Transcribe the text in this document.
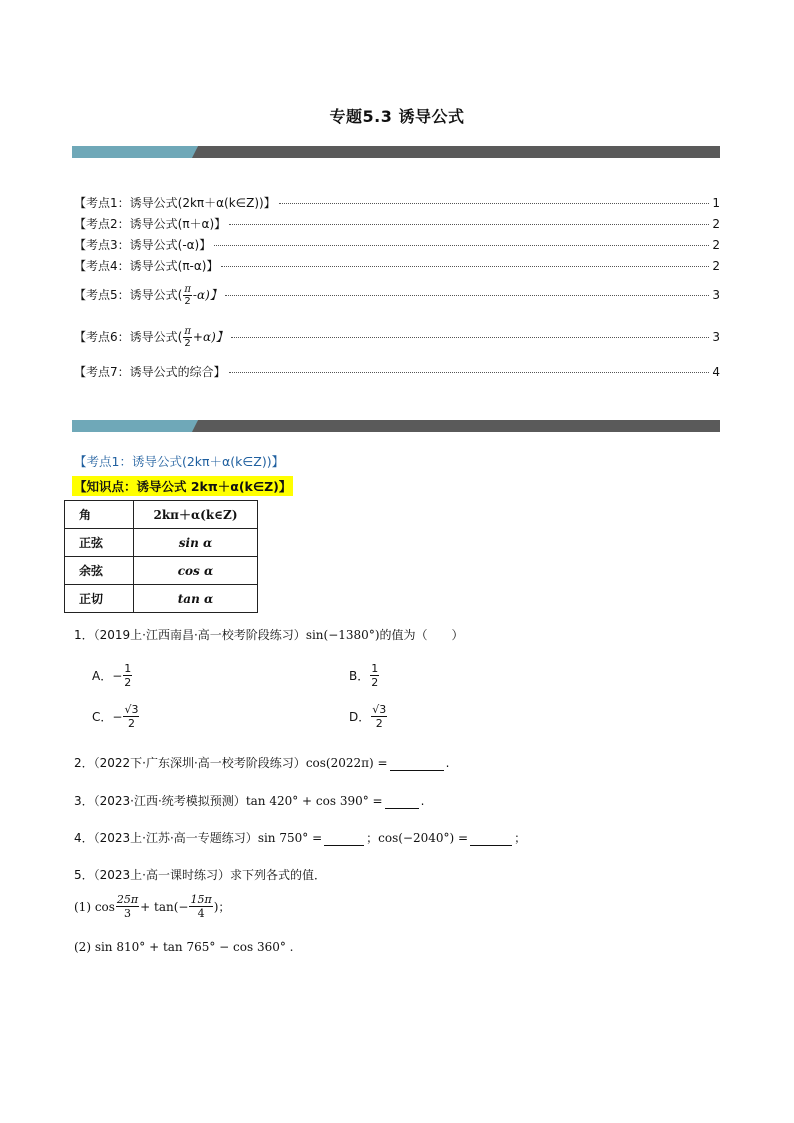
专题5.3 诱导公式
【考点1：诱导公式(2kπ＋α(k∈Z))】	1
【考点2：诱导公式(π＋α)】	2
【考点3：诱导公式(-α)】	2
【考点4：诱导公式(π-α)】	2
【考点5：诱导公式( $\frac{\pi}{2} -\alpha$)】	3
【考点6：诱导公式( $\frac{\pi}{2} +\alpha$)】	3
【考点7：诱导公式的综合】	4
【考点1：诱导公式(2kπ＋α(k∈Z))】
【知识点：诱导公式 2kπ＋α(k∈Z)】
角	2kπ＋α(k∈Z)
正弦	sin α
余弦	cos α
正切	tan α
1．（2019上·江西南昌·高一校考阶段练习）sin(−1380°)的值为（　　）
A． − $\frac{1}{2}$	B． $\frac{1}{2}$
C． − $\frac{√3}{2}$	D． $\frac{√3}{2}$
2．（2022下·广东深圳·高一校考阶段练习）cos(2022π) =	.
3．（2023·江西·统考模拟预测）tan 420° + cos 390° =	.
4．（2023上·江苏·高一专题练习）sin 750° =	；cos(−2040°) =	；
5．（2023上·高一课时练习）求下列各式的值．
(1) $\cos \frac{25\pi}{3} + \tan(- \frac{15\pi}{4}$ )；
(2) sin 810° + tan 765° − cos 360° .
